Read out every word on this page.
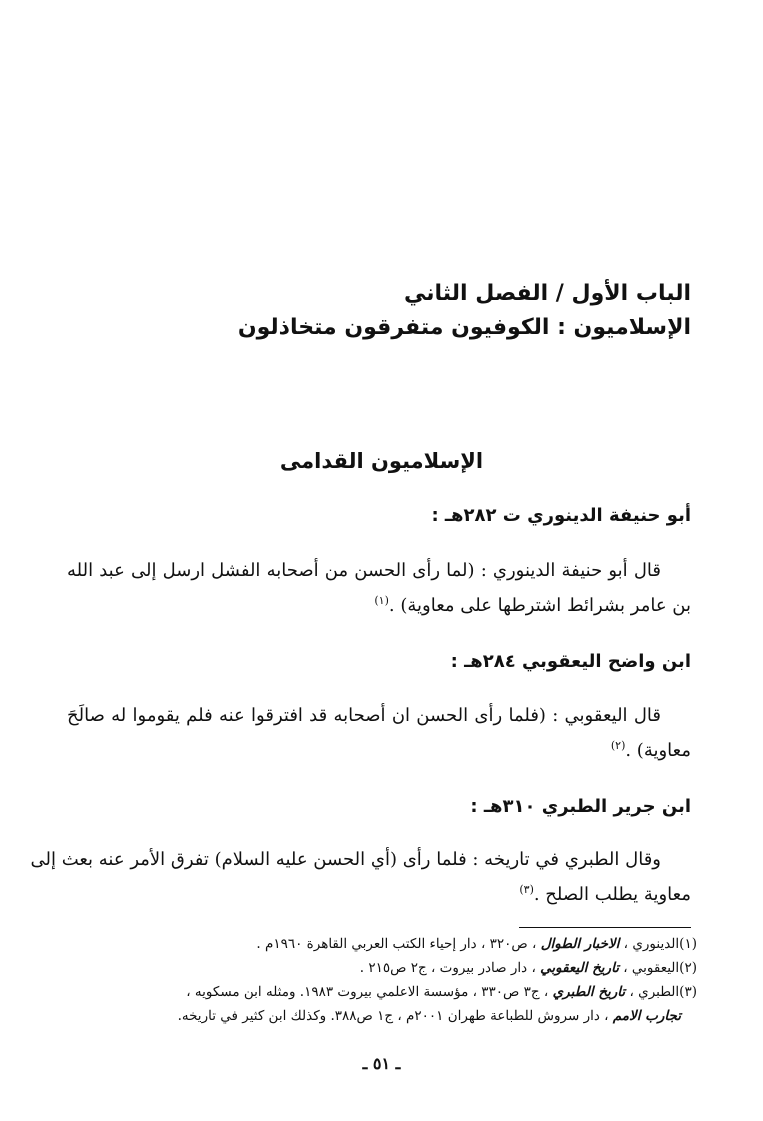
الباب الأول / الفصل الثاني
الإسلاميون : الكوفيون متفرقون متخاذلون
الإسلاميون القدامى
أبو حنيفة الدينوري ت ٢٨٢هـ :
قال أبو حنيفة الدينوري : (لما رأى الحسن من أصحابه الفشل ارسل إلى عبد الله
بن عامر بشرائط اشترطها على معاوية) .$^{(١)}$
ابن واضح اليعقوبي ٢٨٤هـ :
قال اليعقوبي : (فلما رأى الحسن ان أصحابه قد افترقوا عنه فلم يقوموا له صالَحَ
معاوية) .$^{(٢)}$
ابن جرير الطبري ٣١٠هـ :
وقال الطبري في تاريخه : فلما رأى (أي الحسن عليه السلام) تفرق الأمر عنه بعث إلى
معاوية يطلب الصلح .$^{(٣)}$
(١)الدينوري ، الاخبار الطوال ، ص٣٢٠ ، دار إحياء الكتب العربي القاهرة ١٩٦٠م .
(٢)اليعقوبي ، تاريخ اليعقوبي ، دار صادر بيروت ، ج٢ ص٢١٥ .
(٣)الطبري ، تاريخ الطبري ، ج٣ ص٣٣٠ ، مؤسسة الاعلمي بيروت ١٩٨٣. ومثله ابن مسكويه ،
تجارب الامم ، دار سروش للطباعة طهران ٢٠٠١م ، ج١ ص٣٨٨. وكذلك ابن كثير في تاريخه.
ـ ٥١ ـ
